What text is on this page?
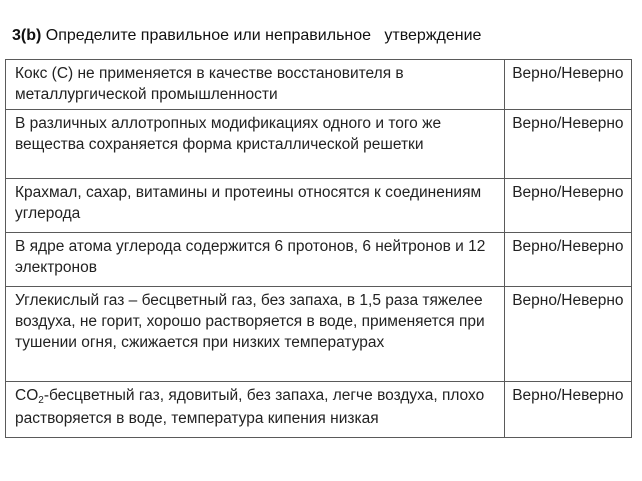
3(b) Определите правильное или неправильное   утверждение
Кокс (С) не применяется в качестве восстановителя в металлургической промышленности	Верно/Неверно
В различных аллотропных модификациях одного и того же вещества сохраняется форма кристаллической решетки	Верно/Неверно
Крахмал, сахар, витамины и протеины относятся к соединениям углерода	Верно/Неверно
В ядре атома углерода содержится 6 протонов, 6 нейтронов и 12 электронов	Верно/Неверно
Углекислый газ – бесцветный газ, без запаха, в 1,5 раза тяжелее воздуха, не горит, хорошо растворяется в воде, применяется при тушении огня, сжижается при низких температурах	Верно/Неверно
CO2-бесцветный газ, ядовитый, без запаха, легче воздуха, плохо растворяется в воде, температура кипения низкая	Верно/Неверно
